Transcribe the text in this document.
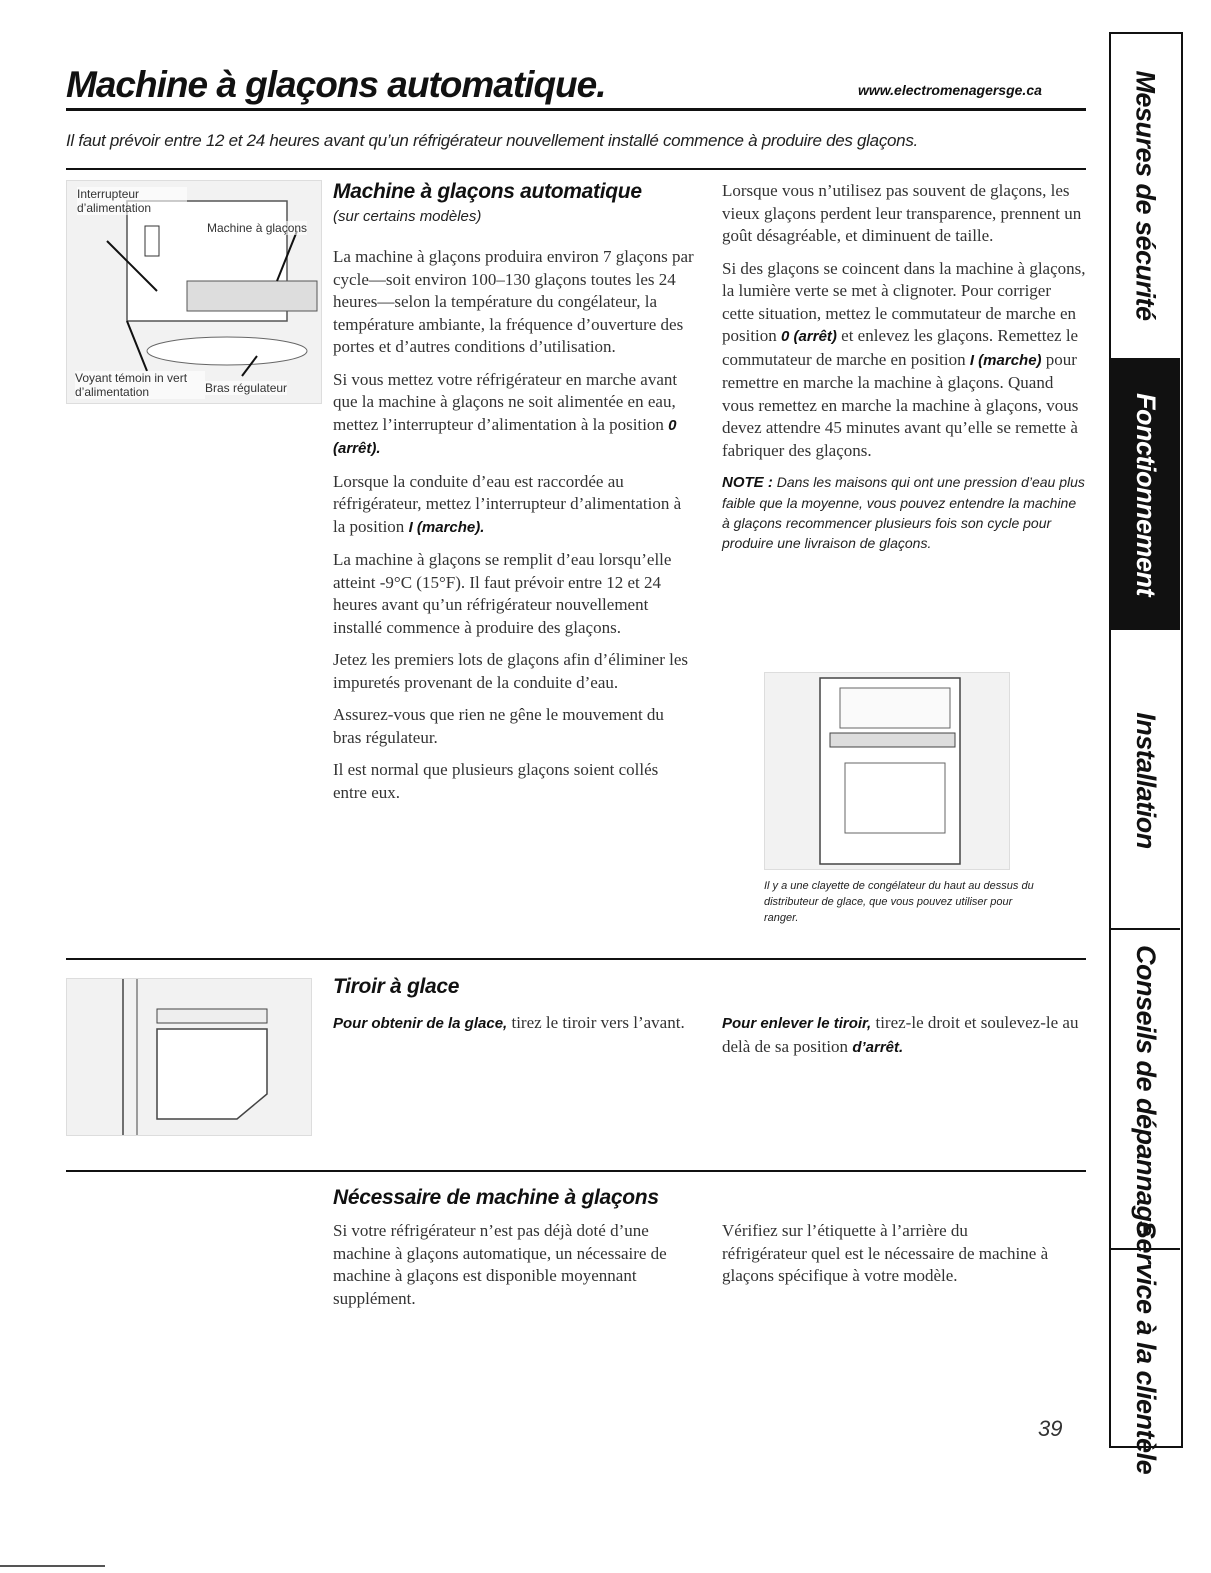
Machine à glaçons automatique.	www.electromenagersge.ca
Il faut prévoir entre 12 et 24 heures avant qu’un réfrigérateur nouvellement installé commence à produire des glaçons.
Interrupteur d’alimentation
Machine à glaçons
Voyant témoin in vert d’alimentation	Bras régulateur
Machine à glaçons automatique
(sur certains modèles)

La machine à glaçons produira environ 7 glaçons par cycle—soit environ 100–130 glaçons toutes les 24 heures—selon la température du congélateur, la température ambiante, la fréquence d’ouverture des portes et d’autres conditions d’utilisation.

Si vous mettez votre réfrigérateur en marche avant que la machine à glaçons ne soit alimentée en eau, mettez l’interrupteur d’alimentation à la position 0 (arrêt).

Lorsque la conduite d’eau est raccordée au réfrigérateur, mettez l’interrupteur d’alimentation à la position I (marche).

La machine à glaçons se remplit d’eau lorsqu’elle atteint -9°C (15°F). Il faut prévoir entre 12 et 24 heures avant qu’un réfrigérateur nouvellement installé commence à produire des glaçons.

Jetez les premiers lots de glaçons afin d’éliminer les impuretés provenant de la conduite d’eau.

Assurez-vous que rien ne gêne le mouvement du bras régulateur.

Il est normal que plusieurs glaçons soient collés entre eux.

Lorsque vous n’utilisez pas souvent de glaçons, les vieux glaçons perdent leur transparence, prennent un goût désagréable, et diminuent de taille.

Si des glaçons se coincent dans la machine à glaçons, la lumière verte se met à clignoter. Pour corriger cette situation, mettez le commutateur de marche en position 0 (arrêt) et enlevez les glaçons. Remettez le commutateur de marche en position I (marche) pour remettre en marche la machine à glaçons. Quand vous remettez en marche la machine à glaçons, vous devez attendre 45 minutes avant qu’elle se remette à fabriquer des glaçons.

NOTE : Dans les maisons qui ont une pression d’eau plus faible que la moyenne, vous pouvez entendre la machine à glaçons recommencer plusieurs fois son cycle pour produire une livraison de glaçons.

Il y a une clayette de congélateur du haut au dessus du distributeur de glace, que vous pouvez utiliser pour ranger.
Tiroir à glace

Pour obtenir de la glace, tirez le tiroir vers l’avant.	Pour enlever le tiroir, tirez-le droit et soulevez-le au delà de sa position d’arrêt.

Nécessaire de machine à glaçons

Si votre réfrigérateur n’est pas déjà doté d’une machine à glaçons automatique, un nécessaire de machine à glaçons est disponible moyennant supplément.

Vérifiez sur l’étiquette à l’arrière du réfrigérateur quel est le nécessaire de machine à glaçons spécifique à votre modèle.

39
Mesures de sécurité
Fonctionnement
Installation
Conseils de dépannage
Service à la clientèle
